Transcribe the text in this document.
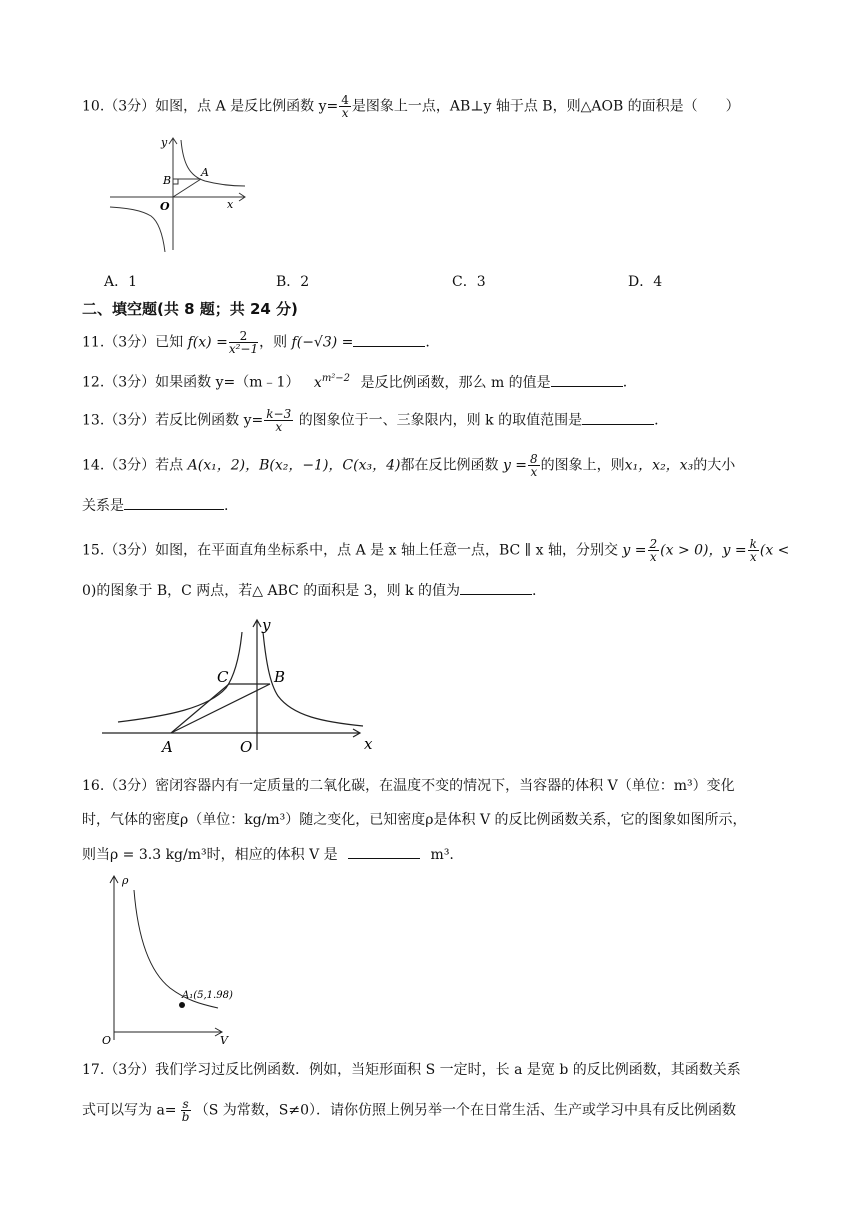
10.（3分）如图，点 A 是反比例函数 $y= \frac{4}{x}$ 是图象上一点，AB⊥y 轴于点 B，则△AOB 的面积是（　　）
y
x
O
A
B
A．1	B．2	C．3	D．4
二、填空题(共 8 题；共 24 分)
11.（3分）已知 $f(x) = \frac{2}{\text{x²−1}}$ ，则 f(−√3) =	.
12.（3分）如果函数 y=（m﹣1） $x^{m^2-2}$ 是反比例函数，那么 m 的值是	.
13.（3分）若反比例函数 $y= \frac{k-3}{x}$ 的图象位于一、三象限内，则 k 的取值范围是	.
14.（3分）若点 A(x₁，2)，B(x₂，−1)，C(x₃，4)都在反比例函数 $y = \frac{8}{x}$ 的图象上，则x₁，x₂，x₃的大小
关系是	.
15.（3分）如图，在平面直角坐标系中，点 A 是 x 轴上任意一点，BC ∥ x 轴，分别交 $y = \frac{2}{x} (x > 0)$，$y = \frac{k}{x} (x$ <
0)的图象于 B，C 两点，若△ ABC 的面积是 3，则 k 的值为	.
y
x
O
A
B
C
16.（3分）密闭容器内有一定质量的二氧化碳，在温度不变的情况下，当容器的体积 V（单位：m³）变化
时，气体的密度ρ（单位：kg/m³）随之变化，已知密度ρ是体积 V 的反比例函数关系，它的图象如图所示，
则当ρ = 3.3 kg/m³时，相应的体积 V 是	m³.
ρ
V
O
A₁(5,1.98)
17.（3分）我们学习过反比例函数．例如，当矩形面积 S 一定时，长 a 是宽 b 的反比例函数，其函数关系
式可以写为 $a= \frac{s}{b} (S$ 为常数，S≠0）．请你仿照上例另举一个在日常生活、生产或学习中具有反比例函数
